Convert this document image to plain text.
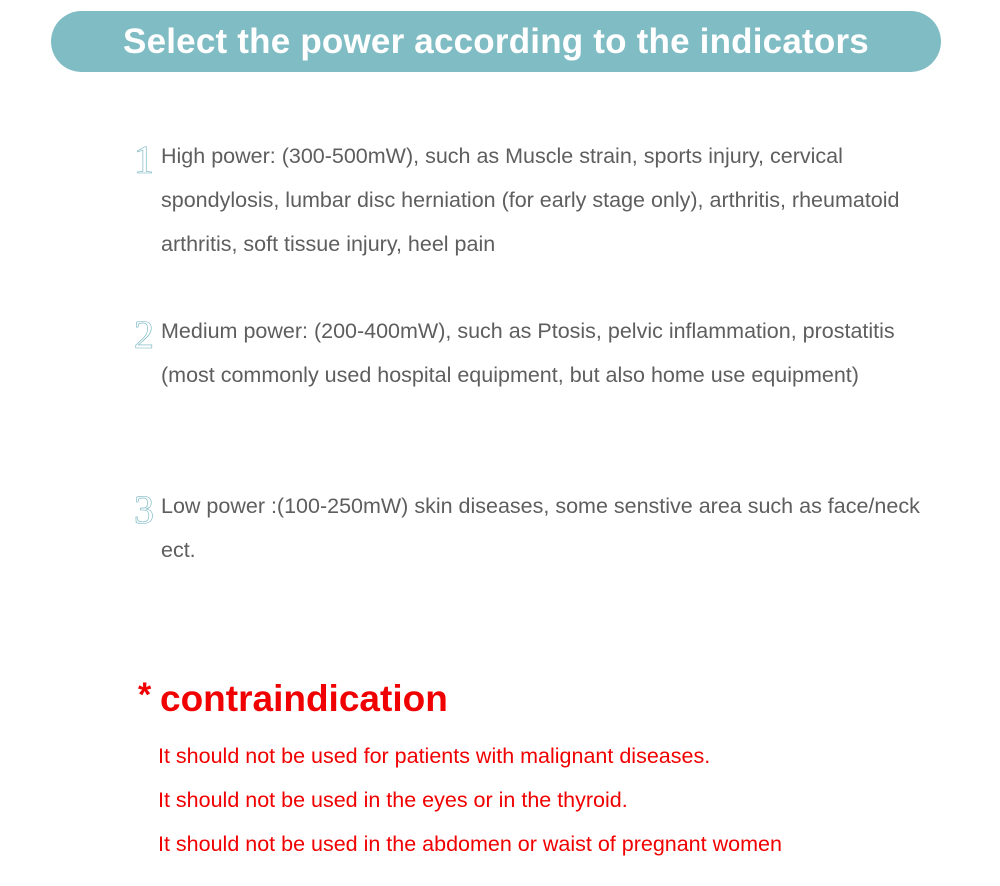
Select the power according to the indicators
1 High power: (300-500mW), such as Muscle strain, sports injury, cervical spondylosis, lumbar disc herniation (for early stage only), arthritis, rheumatoid arthritis, soft tissue injury, heel pain
2 Medium power: (200-400mW), such as Ptosis, pelvic inflammation, prostatitis (most commonly used hospital equipment, but also home use equipment)
3 Low power :(100-250mW) skin diseases, some senstive area such as face/neck ect.
* contraindication
It should not be used for patients with malignant diseases.
It should not be used in the eyes or in the thyroid.
It should not be used in the abdomen or waist of pregnant women
